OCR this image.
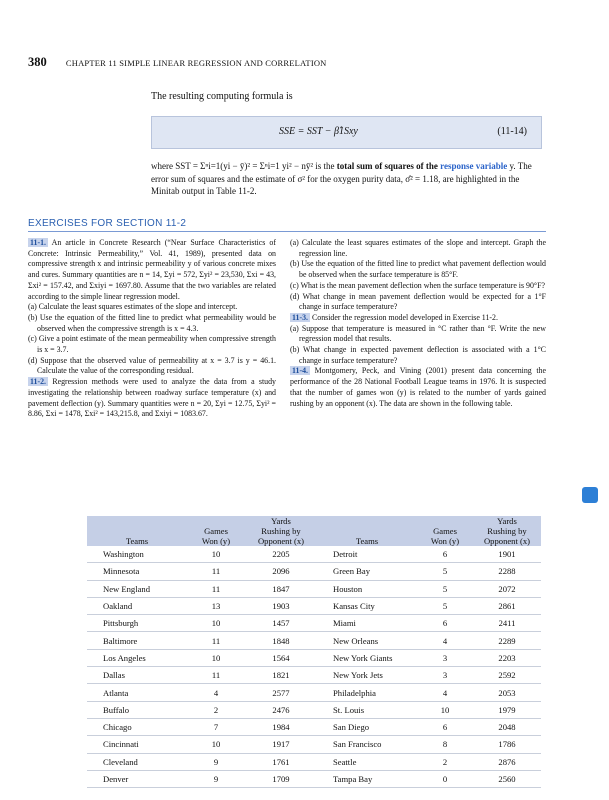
380 CHAPTER 11 SIMPLE LINEAR REGRESSION AND CORRELATION
The resulting computing formula is
SSE = SST − β̂1Sxy	(11-14)
where SST = Σⁿi=1(yi − ȳ)² = Σⁿi=1 yi² − nȳ² is the total sum of squares of the response variable y. The error sum of squares and the estimate of σ² for the oxygen purity data, σ̂² = 1.18, are highlighted in the Minitab output in Table 11-2.
EXERCISES FOR SECTION 11-2

11-1. An article in Concrete Research (“Near Surface Characteristics of Concrete: Intrinsic Permeability,” Vol. 41, 1989), presented data on compressive strength x and intrinsic permeability y of various concrete mixes and cures. Summary quantities are n = 14, Σyi = 572, Σyi² = 23,530, Σxi = 43, Σxi² = 157.42, and Σxiyi = 1697.80. Assume that the two variables are related according to the simple linear regression model.

(a) Calculate the least squares estimates of the slope and intercept.

(b) Use the equation of the fitted line to predict what permeability would be observed when the compressive strength is x = 4.3.

(c) Give a point estimate of the mean permeability when compressive strength is x = 3.7.

(d) Suppose that the observed value of permeability at x = 3.7 is y = 46.1. Calculate the value of the corresponding residual.

11-2. Regression methods were used to analyze the data from a study investigating the relationship between roadway surface temperature (x) and pavement deflection (y). Summary quantities were n = 20, Σyi = 12.75, Σyi² = 8.86, Σxi = 1478, Σxi² = 143,215.8, and Σxiyi = 1083.67.

(a) Calculate the least squares estimates of the slope and intercept. Graph the regression line.

(b) Use the equation of the fitted line to predict what pavement deflection would be observed when the surface temperature is 85°F.

(c) What is the mean pavement deflection when the surface temperature is 90°F?

(d) What change in mean pavement deflection would be expected for a 1°F change in surface temperature?

11-3. Consider the regression model developed in Exercise 11-2.

(a) Suppose that temperature is measured in °C rather than °F. Write the new regression model that results.

(b) What change in expected pavement deflection is associated with a 1°C change in surface temperature?

11-4. Montgomery, Peck, and Vining (2001) present data concerning the performance of the 28 National Football League teams in 1976. It is suspected that the number of games won (y) is related to the number of yards gained rushing by an opponent (x). The data are shown in the following table.

Teams	Games
Won (y)	Yards
Rushing by
Opponent (x)	Teams	Games
Won (y)	Yards
Rushing by
Opponent (x)
Washington	10	2205	Detroit	6	1901
Minnesota	11	2096	Green Bay	5	2288
New England	11	1847	Houston	5	2072
Oakland	13	1903	Kansas City	5	2861
Pittsburgh	10	1457	Miami	6	2411
Baltimore	11	1848	New Orleans	4	2289
Los Angeles	10	1564	New York Giants	3	2203
Dallas	11	1821	New York Jets	3	2592
Atlanta	4	2577	Philadelphia	4	2053
Buffalo	2	2476	St. Louis	10	1979
Chicago	7	1984	San Diego	6	2048
Cincinnati	10	1917	San Francisco	8	1786
Cleveland	9	1761	Seattle	2	2876
Denver	9	1709	Tampa Bay	0	2560
